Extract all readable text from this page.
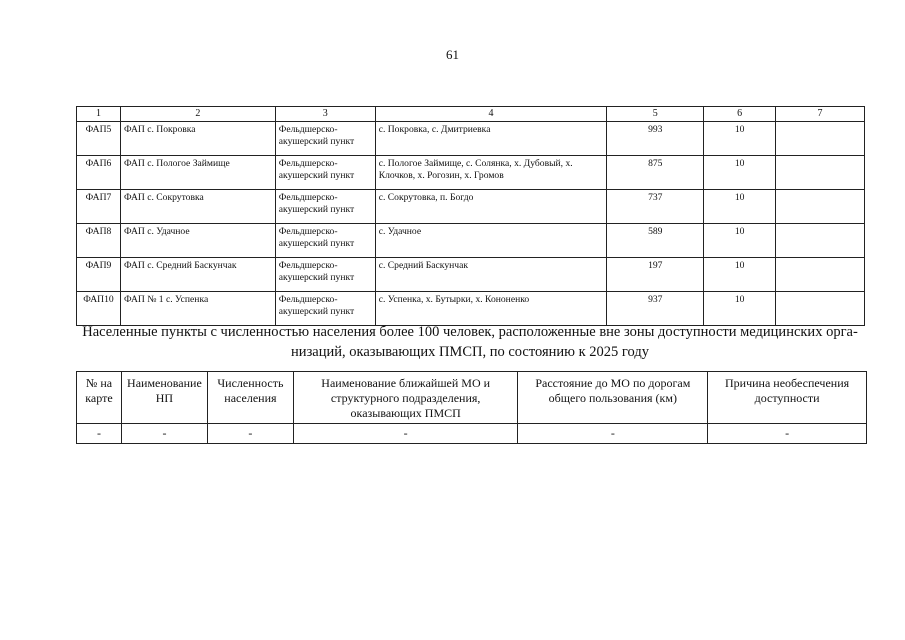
61
1	2	3	4	5	6	7
ФАП5	ФАП с. Покровка	Фельдшерско-акушерский пункт	с. Покровка, с. Дмитриевка	993	10	
ФАП6	ФАП с. Пологое Займище	Фельдшерско-акушерский пункт	с. Пологое Займище, с. Солянка, х. Дубовый, х. Клочков, х. Рогозин, х. Громов	875	10	
ФАП7	ФАП с. Сокрутовка	Фельдшерско-акушерский пункт	с. Сокрутовка, п. Богдо	737	10	
ФАП8	ФАП с. Удачное	Фельдшерско-акушерский пункт	с. Удачное	589	10	
ФАП9	ФАП с. Средний Баскунчак	Фельдшерско-акушерский пункт	с. Средний Баскунчак	197	10	
ФАП10	ФАП № 1 с. Успенка	Фельдшерско-акушерский пункт	с. Успенка, х. Бутырки, х. Кононенко	937	10	
Населенные пункты с численностью населения более 100 человек, расположенные вне зоны доступности медицинских орга-
низаций, оказывающих ПМСП, по состоянию к 2025 году
№ на карте	Наименование НП	Численность населения	Наименование ближайшей МО и структурного подразделения, оказывающих ПМСП	Расстояние до МО по дорогам общего пользования (км)	Причина необеспечения доступности
-	-	-	-	-	-
